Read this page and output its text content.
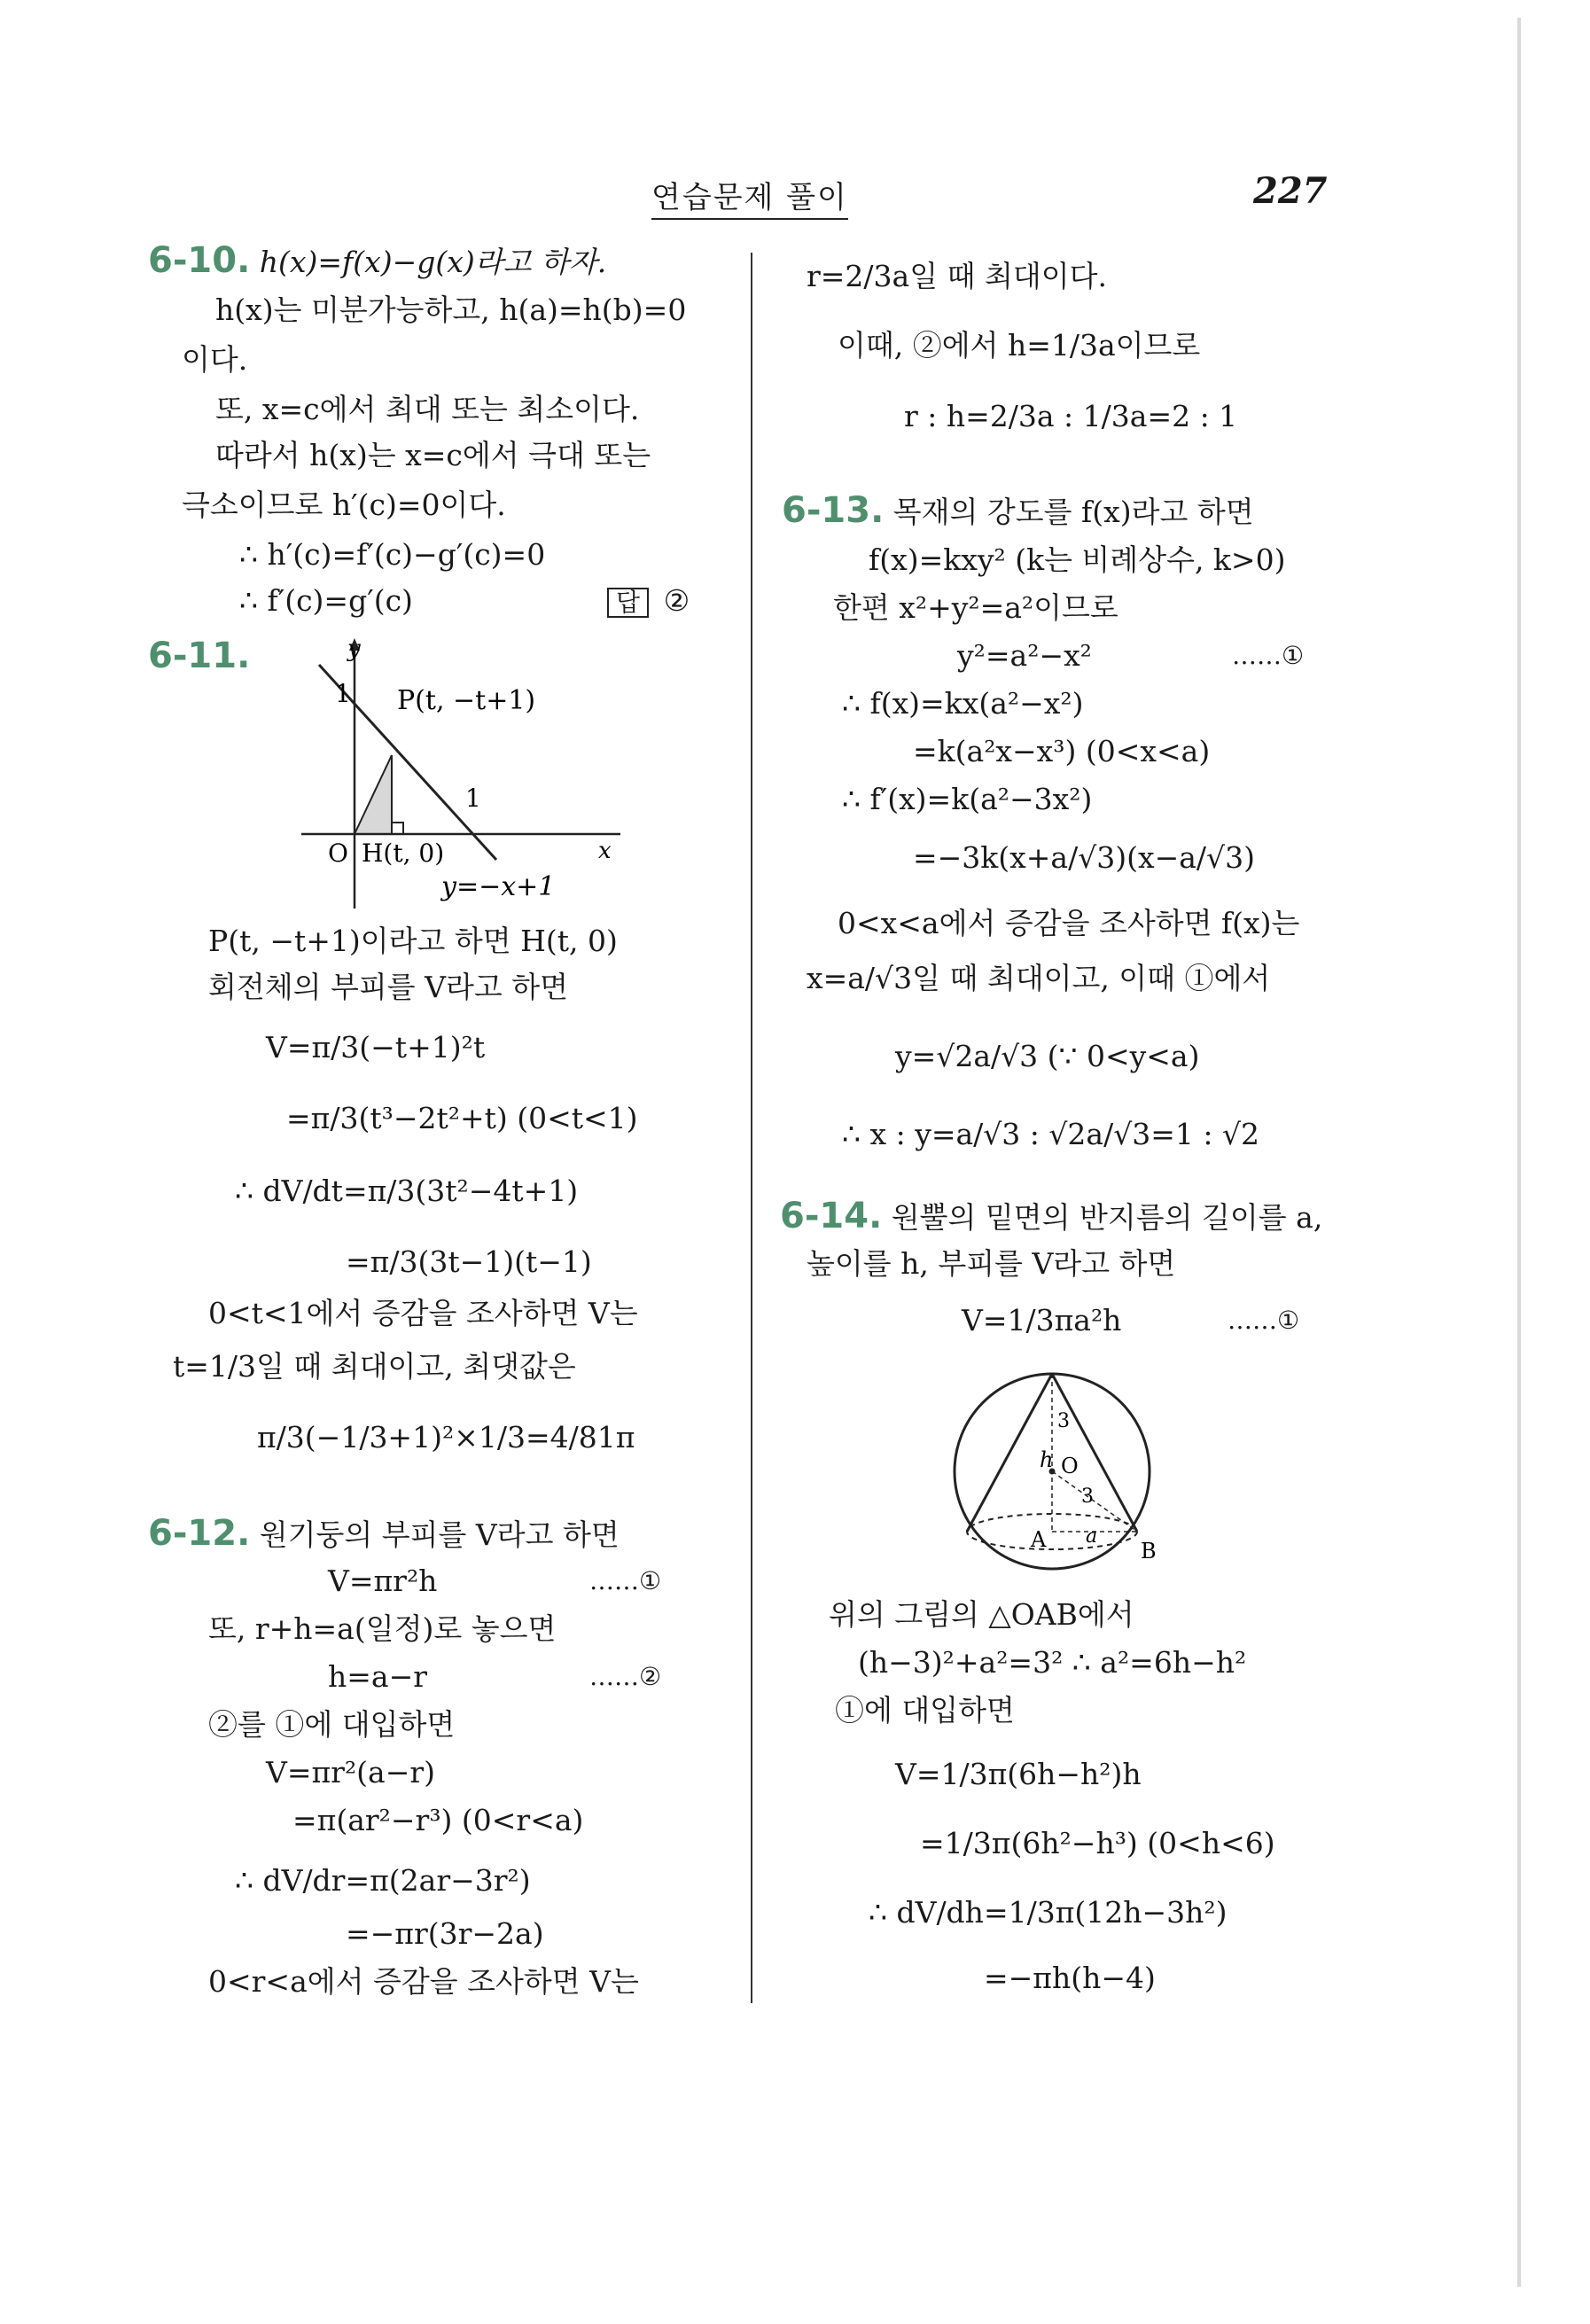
연습문제 풀이	227
6-10. h(x)=f(x)−g(x)라고 하자.
h(x)는 미분가능하고, h(a)=h(b)=0
이다.
또, x=c에서 최대 또는 최소이다.
따라서 h(x)는 x=c에서 극대 또는
극소이므로 h′(c)=0이다.
∴ h′(c)=f′(c)−g′(c)=0
∴ f′(c)=g′(c)	답 ②
6-11.	y
1 P(t, −t+1)
1
O H(t, 0)	x
y=−x+1
P(t, −t+1)이라고 하면 H(t, 0)
회전체의 부피를 V라고 하면
V=π/3(−t+1)²t
=π/3(t³−2t²+t) (0<t<1)
∴ dV/dt=π/3(3t²−4t+1)
=π/3(3t−1)(t−1)
0<t<1에서 증감을 조사하면 V는
t=1/3일 때 최대이고, 최댓값은
π/3(−1/3+1)²×1/3=4/81π
6-12. 원기둥의 부피를 V라고 하면
V=πr²h	……①
또, r+h=a(일정)로 놓으면
h=a−r	……②
②를 ①에 대입하면
V=πr²(a−r)
=π(ar²−r³) (0<r<a)
∴ dV/dr=π(2ar−3r²)
=−πr(3r−2a)
0<r<a에서 증감을 조사하면 V는
r=2/3a일 때 최대이다.
이때, ②에서 h=1/3a이므로
r : h=2/3a : 1/3a=2 : 1
6-13. 목재의 강도를 f(x)라고 하면
f(x)=kxy² (k는 비례상수, k>0)
한편 x²+y²=a²이므로
y²=a²−x²	……①
∴ f(x)=kx(a²−x²)
=k(a²x−x³) (0<x<a)
∴ f′(x)=k(a²−3x²)
=−3k(x+a/√3)(x−a/√3)
0<x<a에서 증감을 조사하면 f(x)는
x=a/√3일 때 최대이고, 이때 ①에서
y=√2a/√3 (∵ 0<y<a)
∴ x : y=a/√3 : √2a/√3=1 : √2
6-14. 원뿔의 밑면의 반지름의 길이를 a,
높이를 h, 부피를 V라고 하면
V=1/3πa²h	……①
h
3
O
3
A a
B
위의 그림의 △OAB에서
(h−3)²+a²=3² ∴ a²=6h−h²
①에 대입하면
V=1/3π(6h−h²)h
=1/3π(6h²−h³) (0<h<6)
∴ dV/dh=1/3π(12h−3h²)
=−πh(h−4)
